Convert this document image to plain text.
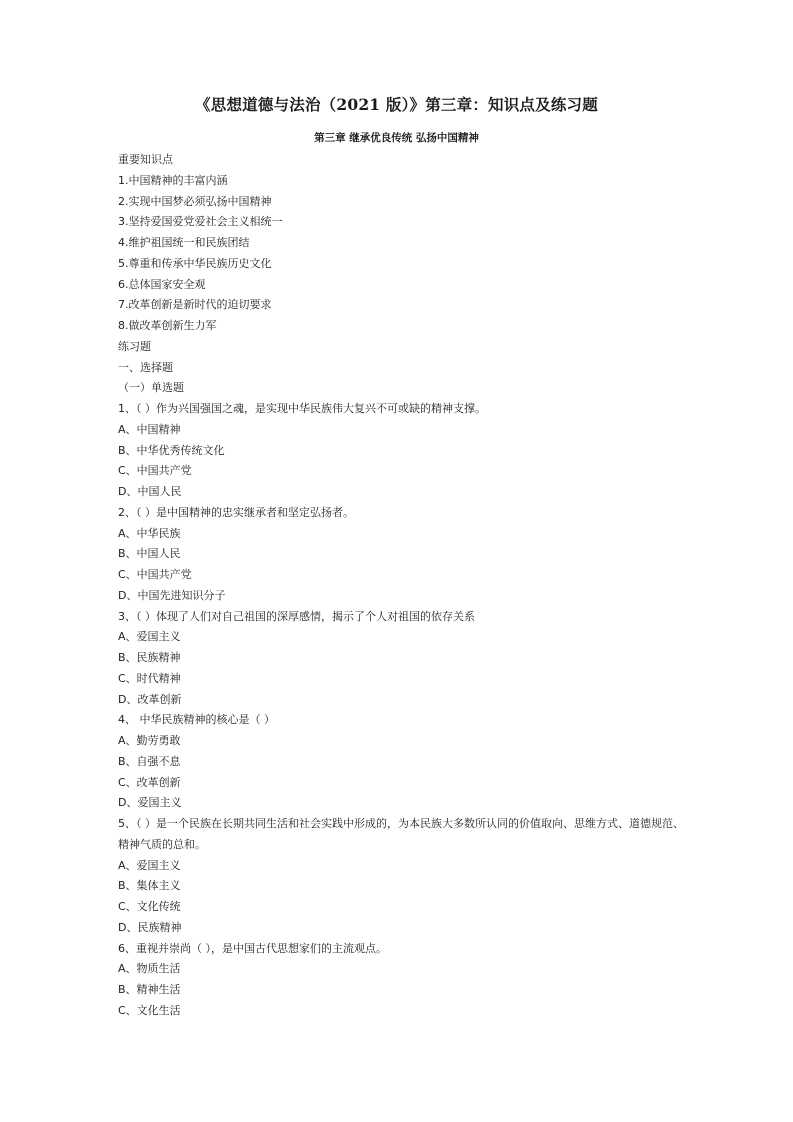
《思想道德与法治（2021 版）》第三章：知识点及练习题
第三章 继承优良传统 弘扬中国精神
重要知识点
1.中国精神的丰富内涵
2.实现中国梦必须弘扬中国精神
3.坚持爱国爱党爱社会主义相统一
4.维护祖国统一和民族团结
5.尊重和传承中华民族历史文化
6.总体国家安全观
7.改革创新是新时代的迫切要求
8.做改革创新生力军
练习题
一、选择题
（一）单选题
1、（ ）作为兴国强国之魂，是实现中华民族伟大复兴不可或缺的精神支撑。
A、中国精神
B、中华优秀传统文化
C、中国共产党
D、中国人民
2、（ ）是中国精神的忠实继承者和坚定弘扬者。
A、中华民族
B、中国人民
C、中国共产党
D、中国先进知识分子
3、（ ）体现了人们对自己祖国的深厚感情，揭示了个人对祖国的依存关系
A、爱国主义
B、民族精神
C、时代精神
D、改革创新
4、 中华民族精神的核心是（ ）
A、勤劳勇敢
B、自强不息
C、改革创新
D、爱国主义
5、（ ）是一个民族在长期共同生活和社会实践中形成的，为本民族大多数所认同的价值取向、思维方式、道德规范、精神气质的总和。
A、爱国主义
B、集体主义
C、文化传统
D、民族精神
6、重视并崇尚（ ），是中国古代思想家们的主流观点。
A、物质生活
B、精神生活
C、文化生活
